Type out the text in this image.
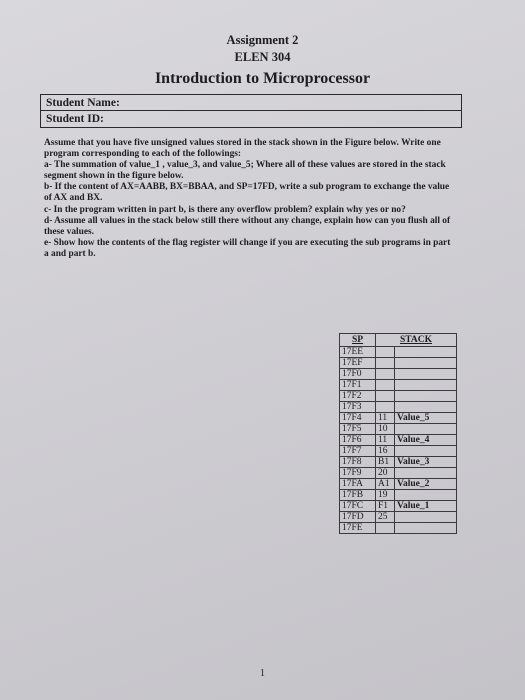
Assignment 2
ELEN 304
Introduction to Microprocessor
Student Name:
Student ID:

Assume that you have five unsigned values stored in the stack shown in the Figure below. Write one program corresponding to each of the followings:

a- The summation of value_1 , value_3, and value_5; Where all of these values are stored in the stack segment shown in the figure below.

b- If the content of AX=AABB, BX=BBAA, and SP=17FD, write a sub program to exchange the value of AX and BX.

c- In the program written in part b, is there any overflow problem? explain why yes or no?

d- Assume all values in the stack below still there without any change, explain how can you flush all of these values.

e- Show how the contents of the flag register will change if you are executing the sub programs in part a and part b.

SP	STACK	
17EE		
17EF		
17F0		
17F1		
17F2		
17F3		
17F4	11	Value_5
17F5	10	
17F6	11	Value_4
17F7	16	
17F8	B1	Value_3
17F9	20	
17FA	A1	Value_2
17FB	19	
17FC	F1	Value_1
17FD	25	
17FE		
1
